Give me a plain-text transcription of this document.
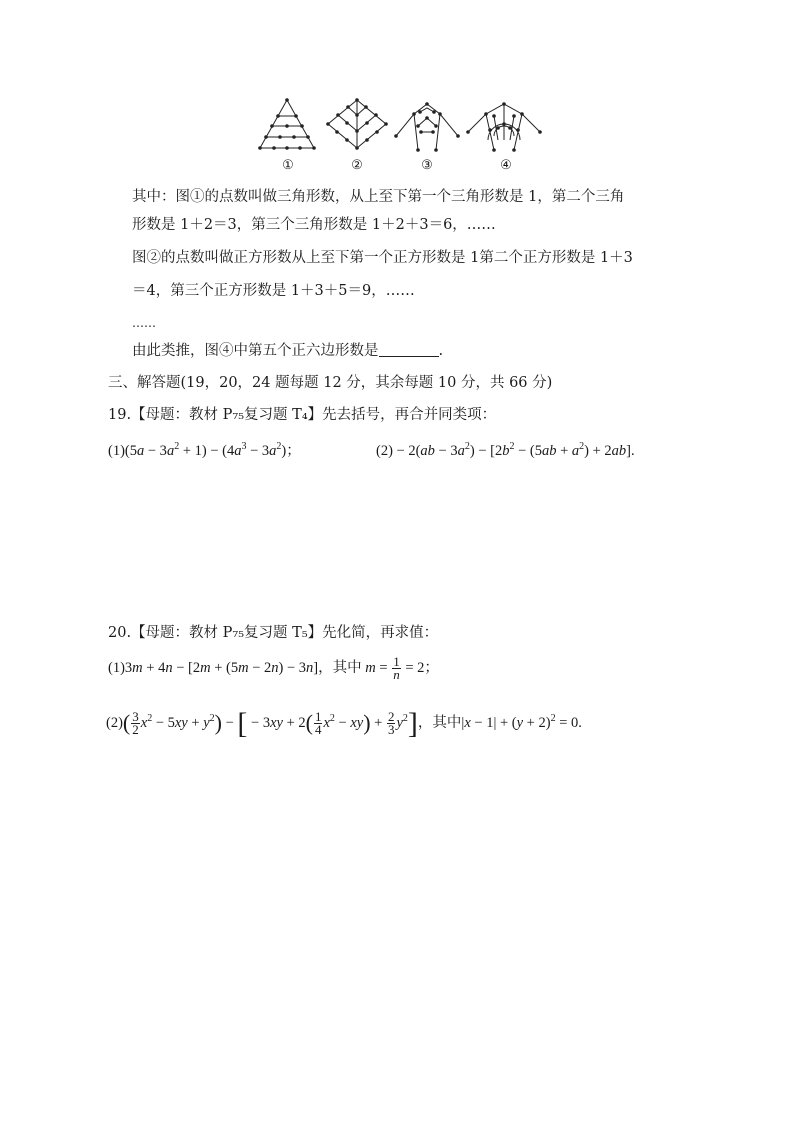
①	②	③	④
其中：图①的点数叫做三角形数，从上至下第一个三角形数是 1，第二个三角
形数是 1＋2＝3，第三个三角形数是 1＋2＋3＝6，……
图②的点数叫做正方形数从上至下第一个正方形数是 1第二个正方形数是 1＋3
＝4，第三个正方形数是 1＋3＋5＝9，……
……
由此类推，图④中第五个正六边形数是	.
三、解答题(19，20，24 题每题 12 分，其余每题 10 分，共 66 分)
19.【母题：教材 P₇₅复习题 T₄】先去括号，再合并同类项：
$(1)(5a - 3a^2 + 1) - (4a^3 - 3a^2)$；	$(2) - 2(ab - 3a^2) - [2b^2 - (5ab + a^2) + 2ab]$.
20.【母题：教材 P₇₅复习题 T₅】先化简，再求值：
(1)3m + 4n − [2m + (5m − 2n) − 3n]，其中 $m = \frac{1}{n} = 2$；
$(2)( \frac{3}{2} x^2 - 5xy + y^2)$ − [ − $3xy + 2( \frac{1}{4} x^2 - xy) + \frac{2}{3} y^2$]，其中$|x - 1| + (y + 2)^2 = 0$.
